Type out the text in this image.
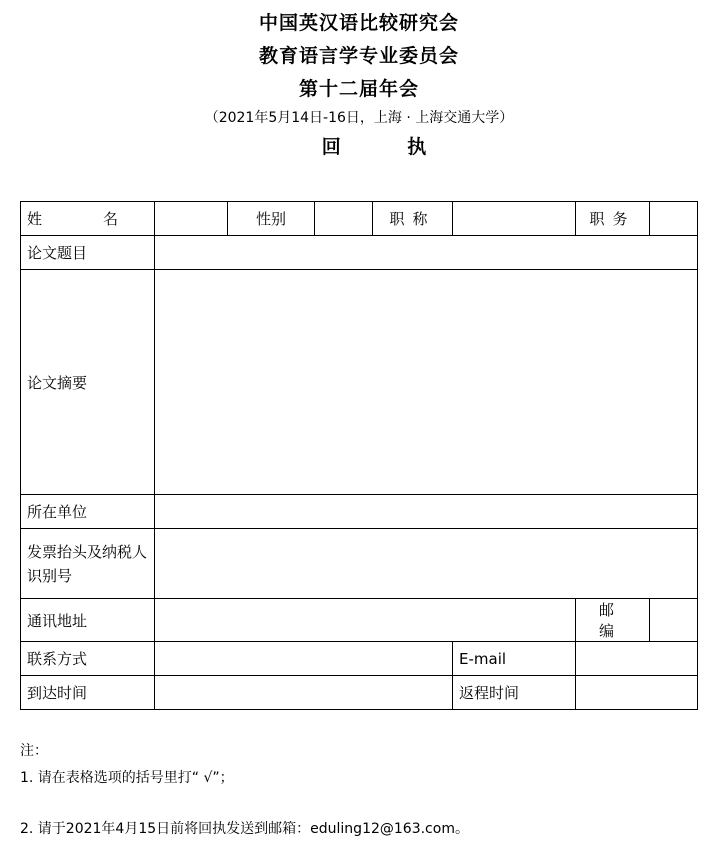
中国英汉语比较研究会
教育语言学专业委员会
第十二届年会
（2021年5月14日-16日，上海 · 上海交通大学）
回 执
姓 名		性别		职称		职务	
论文题目							
论文摘要							
所在单位							
发票抬头及纳税人识别号							
通讯地址						邮编	
联系方式					E-mail		
到达时间					返程时间		
注：
1. 请在表格选项的括号里打“ √”；
2. 请于2021年4月15日前将回执发送到邮箱：eduling12@163.com。
